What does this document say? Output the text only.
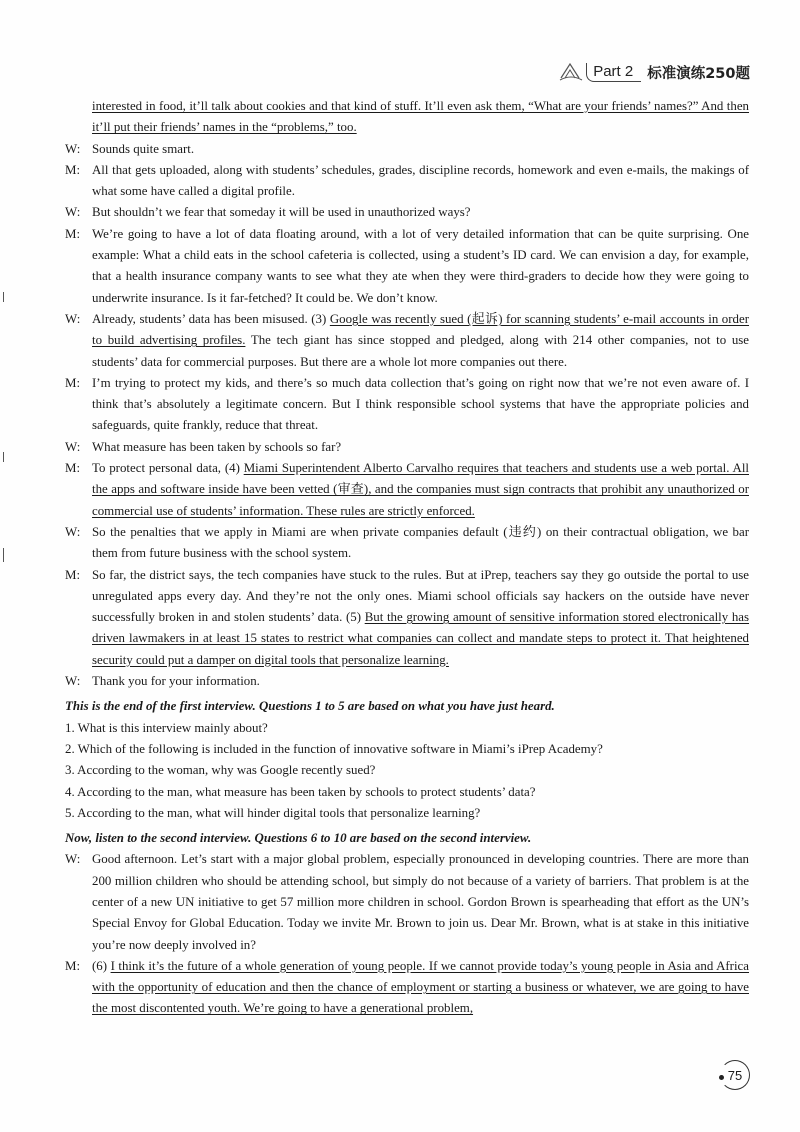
Part 2 标准演练250题
interested in food, it’ll talk about cookies and that kind of stuff. It’ll even ask them, “What are your friends’ names?” And then it’ll put their friends’ names in the “problems,” too.
W: Sounds quite smart.
M: All that gets uploaded, along with students’ schedules, grades, discipline records, homework and even e-mails, the makings of what some have called a digital profile.
W: But shouldn’t we fear that someday it will be used in unauthorized ways?
M: We’re going to have a lot of data floating around, with a lot of very detailed information that can be quite surprising. One example: What a child eats in the school cafeteria is collected, using a student’s ID card. We can envision a day, for example, that a health insurance company wants to see what they ate when they were third-graders to decide how they were going to underwrite insurance. Is it far-fetched? It could be. We don’t know.
W: Already, students’ data has been misused. (3) Google was recently sued (起诉) for scanning students’ e-mail accounts in order to build advertising profiles. The tech giant has since stopped and pledged, along with 214 other companies, not to use students’ data for commercial purposes. But there are a whole lot more companies out there.
M: I’m trying to protect my kids, and there’s so much data collection that’s going on right now that we’re not even aware of. I think that’s absolutely a legitimate concern. But I think responsible school systems that have the appropriate policies and safeguards, quite frankly, reduce that threat.
W: What measure has been taken by schools so far?
M: To protect personal data, (4) Miami Superintendent Alberto Carvalho requires that teachers and students use a web portal. All the apps and software inside have been vetted (审查), and the companies must sign contracts that prohibit any unauthorized or commercial use of students’ information. These rules are strictly enforced.
W: So the penalties that we apply in Miami are when private companies default (违约) on their contractual obligation, we bar them from future business with the school system.
M: So far, the district says, the tech companies have stuck to the rules. But at iPrep, teachers say they go outside the portal to use unregulated apps every day. And they’re not the only ones. Miami school officials say hackers on the outside have never successfully broken in and stolen students’ data. (5) But the growing amount of sensitive information stored electronically has driven lawmakers in at least 15 states to restrict what companies can collect and mandate steps to protect it. That heightened security could put a damper on digital tools that personalize learning.
W: Thank you for your information.
This is the end of the first interview. Questions 1 to 5 are based on what you have just heard.
1. What is this interview mainly about?
2. Which of the following is included in the function of innovative software in Miami’s iPrep Academy?
3. According to the woman, why was Google recently sued?
4. According to the man, what measure has been taken by schools to protect students’ data?
5. According to the man, what will hinder digital tools that personalize learning?
Now, listen to the second interview. Questions 6 to 10 are based on the second interview.
W: Good afternoon. Let’s start with a major global problem, especially pronounced in developing countries. There are more than 200 million children who should be attending school, but simply do not because of a variety of barriers. That problem is at the center of a new UN initiative to get 57 million more children in school. Gordon Brown is spearheading that effort as the UN’s Special Envoy for Global Education. Today we invite Mr. Brown to join us. Dear Mr. Brown, what is at stake in this initiative you’re now deeply involved in?
M: (6) I think it’s the future of a whole generation of young people. If we cannot provide today’s young people in Asia and Africa with the opportunity of education and then the chance of employment or starting a business or whatever, we are going to have the most discontented youth. We’re going to have a generational problem,
75
